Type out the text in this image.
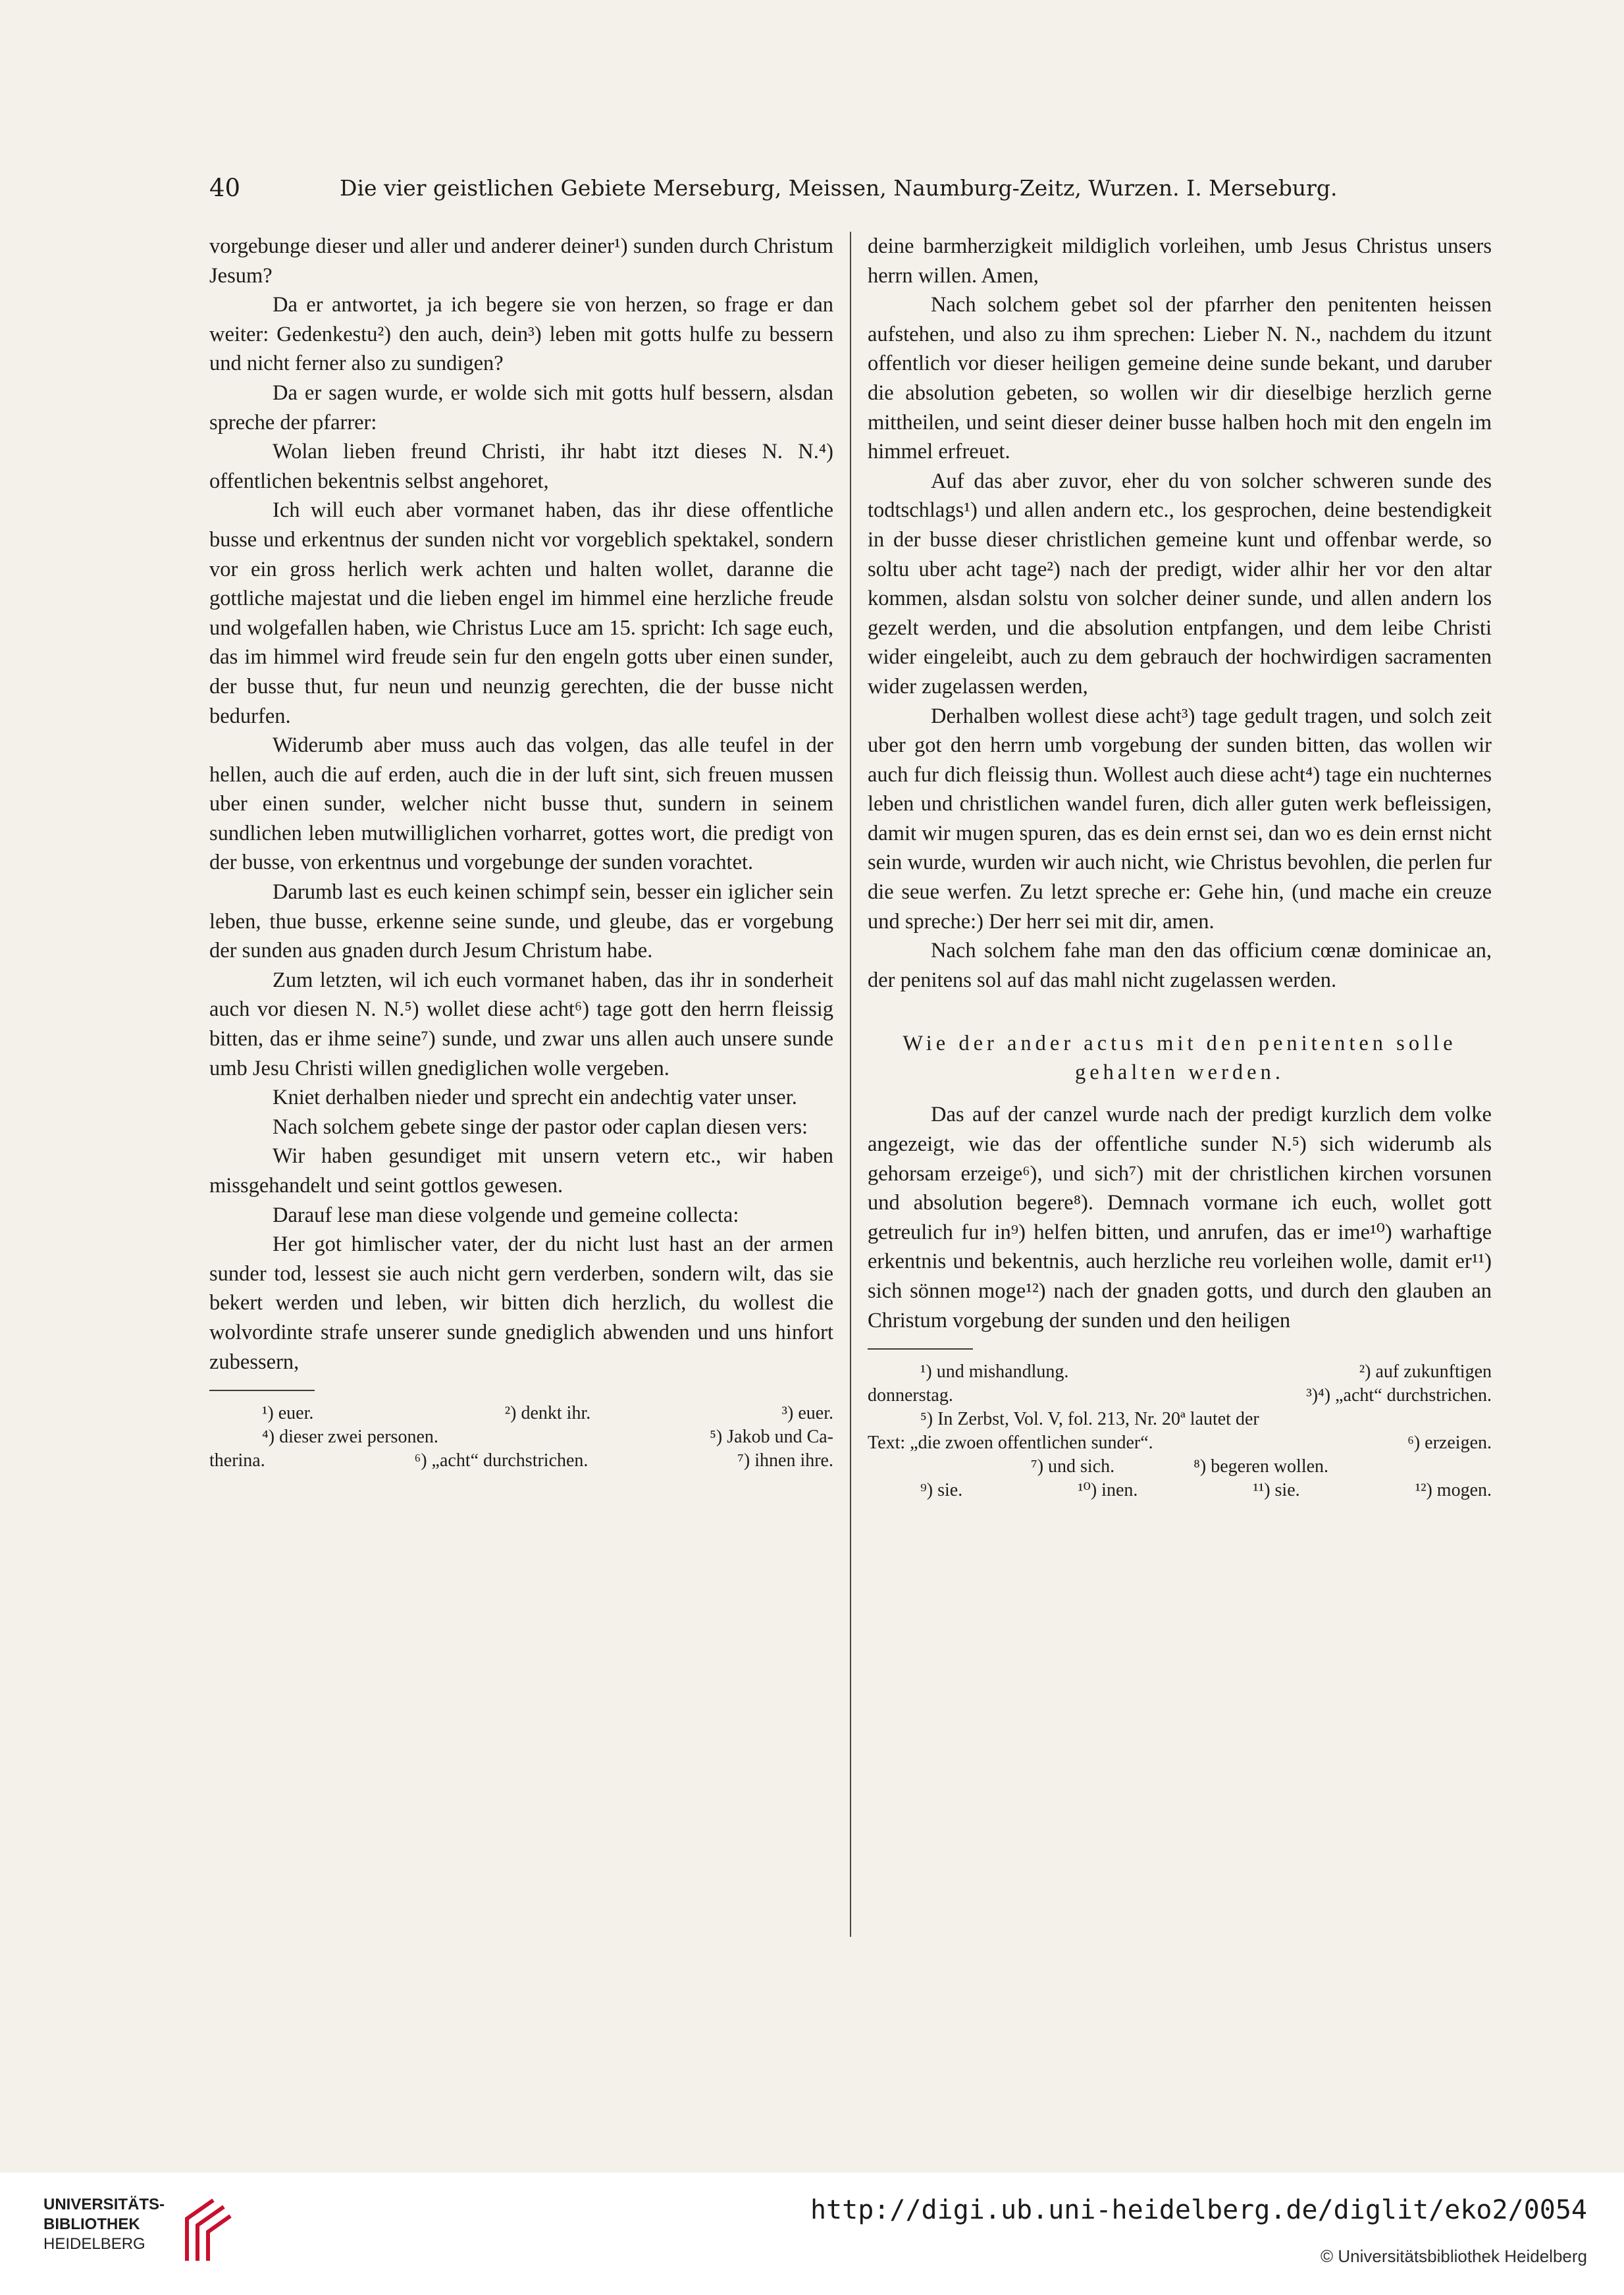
40	Die vier geistlichen Gebiete Merseburg, Meissen, Naumburg-Zeitz, Wurzen. I. Merseburg.

vorgebunge dieser und aller und anderer deiner¹) sunden durch Christum Jesum?

Da er antwortet, ja ich begere sie von herzen, so frage er dan weiter: Gedenkestu²) den auch, dein³) leben mit gotts hulfe zu bessern und nicht ferner also zu sundigen?

Da er sagen wurde, er wolde sich mit gotts hulf bessern, alsdan spreche der pfarrer:

Wolan lieben freund Christi, ihr habt itzt dieses N. N.⁴) offentlichen bekentnis selbst angehoret,

Ich will euch aber vormanet haben, das ihr diese offentliche busse und erkentnus der sunden nicht vor vorgeblich spektakel, sondern vor ein gross herlich werk achten und halten wollet, daranne die gottliche majestat und die lieben engel im himmel eine herzliche freude und wolgefallen haben, wie Christus Luce am 15. spricht: Ich sage euch, das im himmel wird freude sein fur den engeln gotts uber einen sunder, der busse thut, fur neun und neunzig gerechten, die der busse nicht bedurfen.

Widerumb aber muss auch das volgen, das alle teufel in der hellen, auch die auf erden, auch die in der luft sint, sich freuen mussen uber einen sunder, welcher nicht busse thut, sundern in seinem sundlichen leben mutwilliglichen vorharret, gottes wort, die predigt von der busse, von erkentnus und vorgebunge der sunden vorachtet.

Darumb last es euch keinen schimpf sein, besser ein iglicher sein leben, thue busse, erkenne seine sunde, und gleube, das er vorgebung der sunden aus gnaden durch Jesum Christum habe.

Zum letzten, wil ich euch vormanet haben, das ihr in sonderheit auch vor diesen N. N.⁵) wollet diese acht⁶) tage gott den herrn fleissig bitten, das er ihme seine⁷) sunde, und zwar uns allen auch unsere sunde umb Jesu Christi willen gnediglichen wolle vergeben.

Kniet derhalben nieder und sprecht ein andechtig vater unser.

Nach solchem gebete singe der pastor oder caplan diesen vers:

Wir haben gesundiget mit unsern vetern etc., wir haben missgehandelt und seint gottlos gewesen.

Darauf lese man diese volgende und gemeine collecta:

Her got himlischer vater, der du nicht lust hast an der armen sunder tod, lessest sie auch nicht gern verderben, sondern wilt, das sie bekert werden und leben, wir bitten dich herzlich, du wollest die wolvordinte strafe unserer sunde gnediglich abwenden und uns hinfort zubessern,

¹) euer.	²) denkt ihr.	³) euer.
⁴) dieser zwei personen.	⁵) Jakob und Ca-
therina.	⁶) „acht“ durchstrichen.	⁷) ihnen ihre.

deine barmherzigkeit mildiglich vorleihen, umb Jesus Christus unsers herrn willen. Amen,

Nach solchem gebet sol der pfarrher den penitenten heissen aufstehen, und also zu ihm sprechen: Lieber N. N., nachdem du itzunt offentlich vor dieser heiligen gemeine deine sunde bekant, und daruber die absolution gebeten, so wollen wir dir dieselbige herzlich gerne mittheilen, und seint dieser deiner busse halben hoch mit den engeln im himmel erfreuet.

Auf das aber zuvor, eher du von solcher schweren sunde des todtschlags¹) und allen andern etc., los gesprochen, deine bestendigkeit in der busse dieser christlichen gemeine kunt und offenbar werde, so soltu uber acht tage²) nach der predigt, wider alhir her vor den altar kommen, alsdan solstu von solcher deiner sunde, und allen andern los gezelt werden, und die absolution entpfangen, und dem leibe Christi wider eingeleibt, auch zu dem gebrauch der hochwirdigen sacramenten wider zugelassen werden,

Derhalben wollest diese acht³) tage gedult tragen, und solch zeit uber got den herrn umb vorgebung der sunden bitten, das wollen wir auch fur dich fleissig thun. Wollest auch diese acht⁴) tage ein nuchternes leben und christlichen wandel furen, dich aller guten werk befleissigen, damit wir mugen spuren, das es dein ernst sei, dan wo es dein ernst nicht sein wurde, wurden wir auch nicht, wie Christus bevohlen, die perlen fur die seue werfen. Zu letzt spreche er: Gehe hin, (und mache ein creuze und spreche:) Der herr sei mit dir, amen.

Nach solchem fahe man den das officium cœnæ dominicae an, der penitens sol auf das mahl nicht zugelassen werden.

Wie der ander actus mit den penitenten solle gehalten werden.

Das auf der canzel wurde nach der predigt kurzlich dem volke angezeigt, wie das der offentliche sunder N.⁵) sich widerumb als gehorsam erzeige⁶), und sich⁷) mit der christlichen kirchen vorsunen und absolution begere⁸). Demnach vormane ich euch, wollet gott getreulich fur in⁹) helfen bitten, und anrufen, das er ime¹⁰) warhaftige erkentnis und bekentnis, auch herzliche reu vorleihen wolle, damit er¹¹) sich sönnen moge¹²) nach der gnaden gotts, und durch den glauben an Christum vorgebung der sunden und den heiligen

¹) und mishandlung.	²) auf zukunftigen
donnerstag.	³)⁴) „acht“ durchstrichen.
⁵) In Zerbst, Vol. V, fol. 213, Nr. 20ª lautet der
Text: „die zwoen offentlichen sunder“.	⁶) erzeigen.
⁷) und sich.	⁸) begeren wollen.
⁹) sie.	¹⁰) inen.	¹¹) sie.	¹²) mogen.
UNIVERSITÄTS-
BIBLIOTHEK
HEIDELBERG
http://digi.ub.uni-heidelberg.de/diglit/eko2/0054
© Universitätsbibliothek Heidelberg
